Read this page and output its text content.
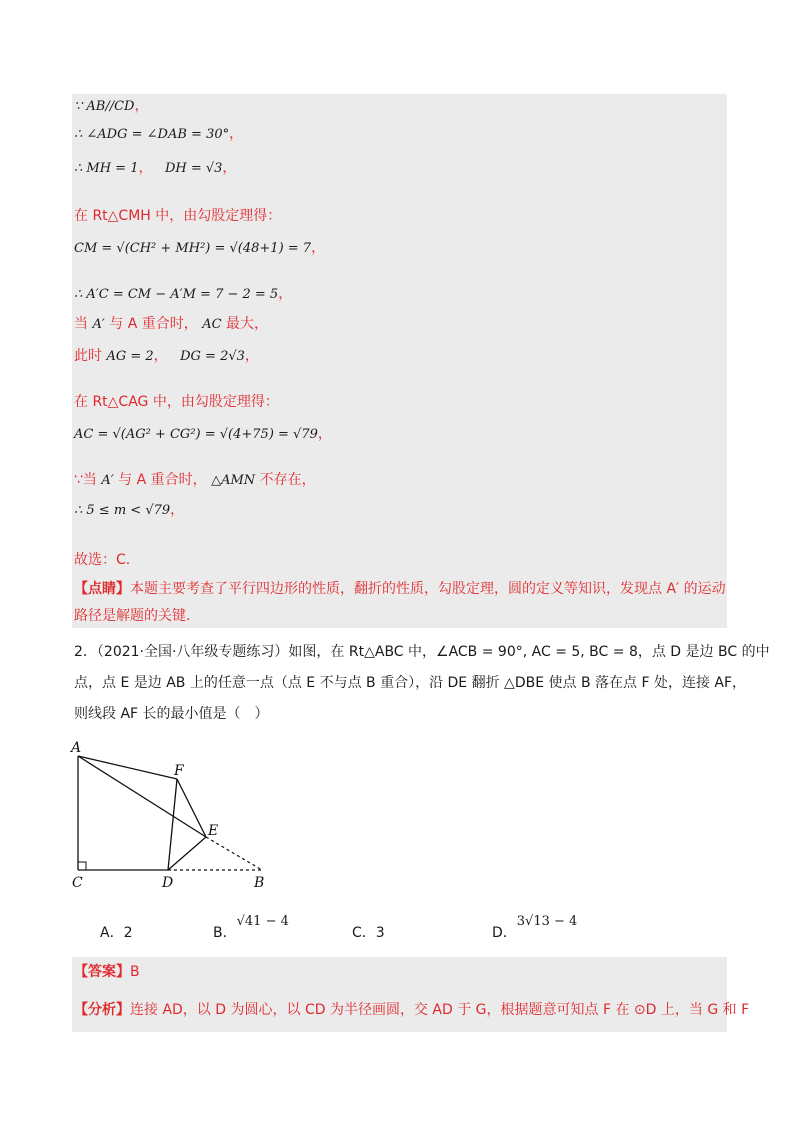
∵ AB//CD，
∴ ∠ADG = ∠DAB = 30°，
∴ MH = 1， DH = √3，
在 Rt△CMH 中，由勾股定理得：
CM = √(CH² + MH²) = √(48+1) = 7，
∴ A′C = CM − A′M = 7 − 2 = 5，
当 A′ 与 A 重合时， AC 最大，
此时 AG = 2， DG = 2√3，
在 Rt△CAG 中，由勾股定理得：
AC = √(AG² + CG²) = √(4+75) = √79，
∵当 A′ 与 A 重合时， △AMN 不存在，
∴ 5 ≤ m < √79，
故选：C.
【点睛】本题主要考查了平行四边形的性质，翻折的性质，勾股定理，圆的定义等知识，发现点 A′ 的运动路径是解题的关键.
2．（2021·全国·八年级专题练习）如图，在 Rt△ABC 中，∠ACB = 90°, AC = 5, BC = 8，点 D 是边 BC 的中
点，点 E 是边 AB 上的任意一点（点 E 不与点 B 重合），沿 DE 翻折 △DBE 使点 B 落在点 F 处，连接 AF，
则线段 AF 长的最小值是（　）
A
F
E
C	D	B
A．2	B．√41 − 4
C．3	D．3√13 − 4
【答案】B
【分析】连接 AD，以 D 为圆心，以 CD 为半径画圆，交 AD 于 G，根据题意可知点 F 在 ⊙D 上，当 G 和 F
